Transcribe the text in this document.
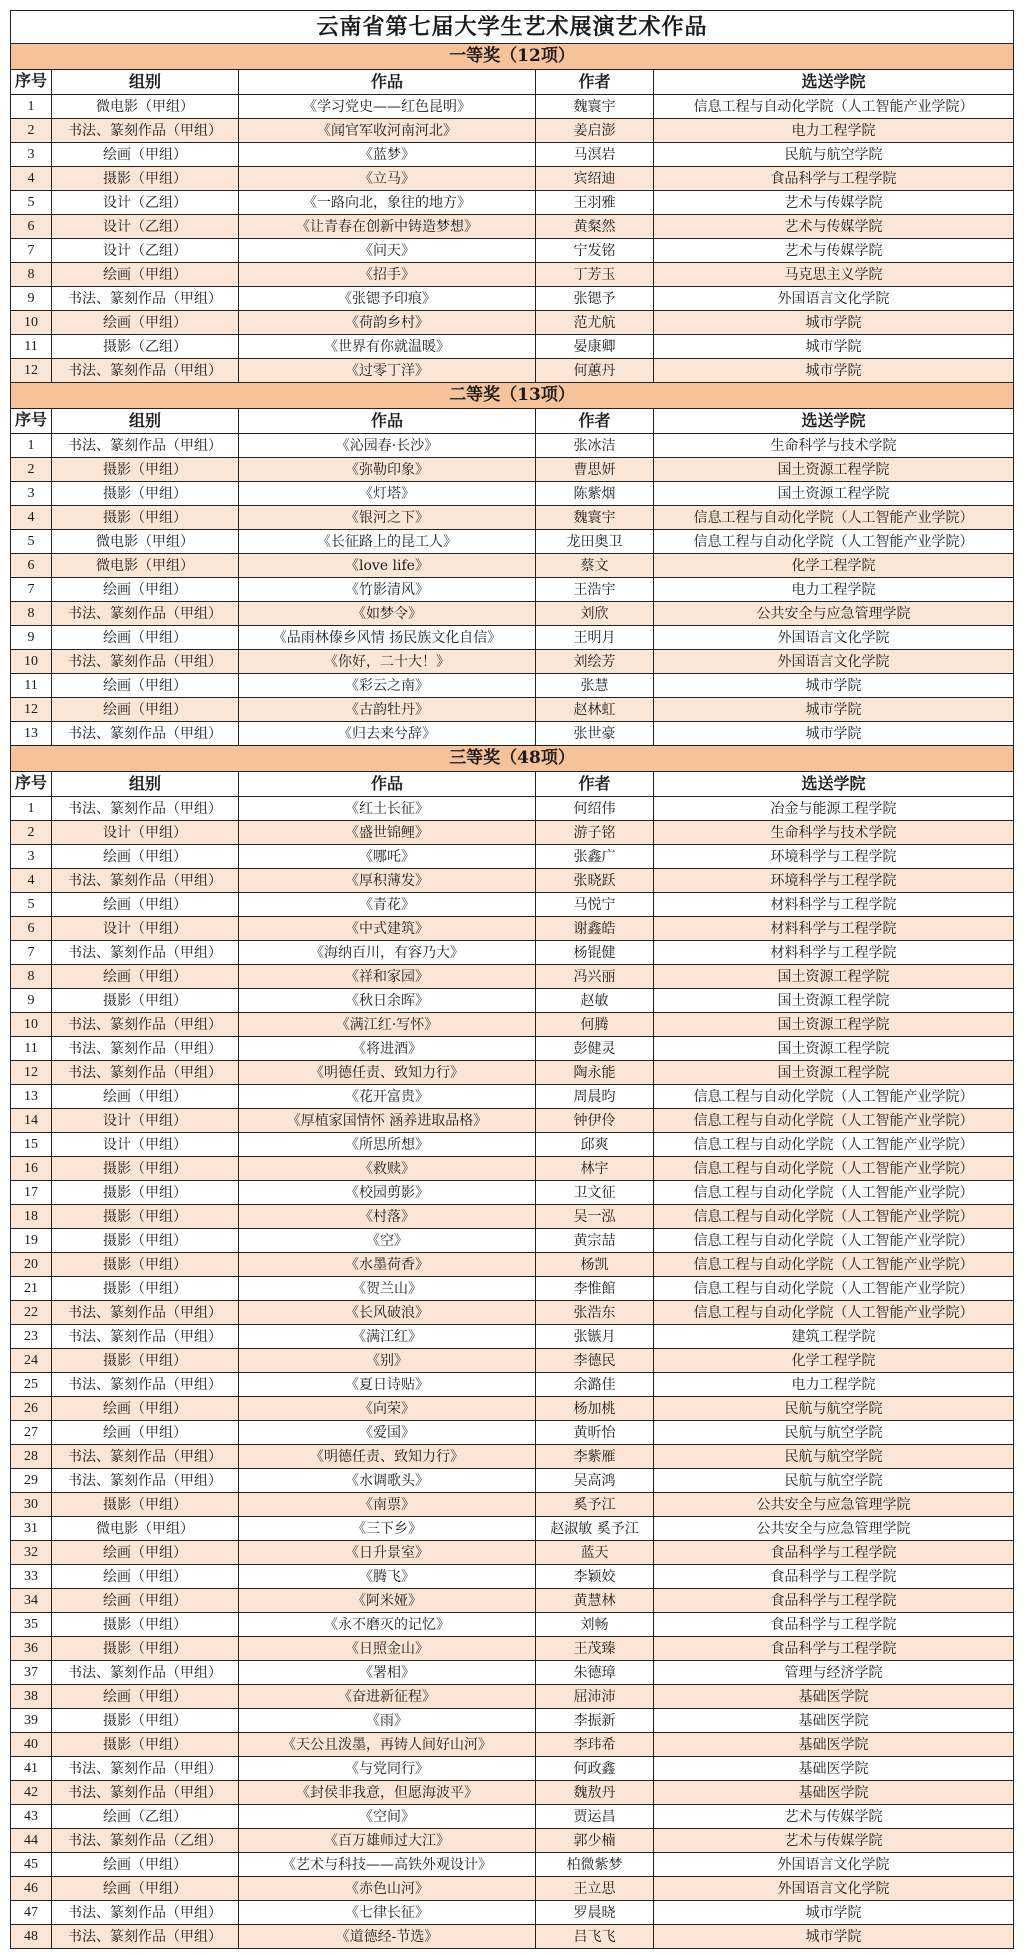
云南省第七届大学生艺术展演艺术作品				
一等奖（12项）				
序号	组别	作品	作者	选送学院
1	微电影（甲组）	《学习党史——红色昆明》	魏寰宇	信息工程与自动化学院（人工智能产业学院）
2	书法、篆刻作品（甲组）	《闻官军收河南河北》	姜启澎	电力工程学院
3	绘画（甲组）	《蓝梦》	马溟岩	民航与航空学院
4	摄影（甲组）	《立马》	宾绍迪	食品科学与工程学院
5	设计（乙组）	《一路向北，象往的地方》	王羽雅	艺术与传媒学院
6	设计（乙组）	《让青春在创新中铸造梦想》	黄粲然	艺术与传媒学院
7	设计（乙组）	《问天》	宁发铭	艺术与传媒学院
8	绘画（甲组）	《招手》	丁芳玉	马克思主义学院
9	书法、篆刻作品（甲组）	《张锶予印痕》	张锶予	外国语言文化学院
10	绘画（甲组）	《荷韵乡村》	范尤航	城市学院
11	摄影（乙组）	《世界有你就温暖》	晏康卿	城市学院
12	书法、篆刻作品（甲组）	《过零丁洋》	何蕙丹	城市学院
二等奖（13项）				
序号	组别	作品	作者	选送学院
1	书法、篆刻作品（甲组）	《沁园春·长沙》	张冰洁	生命科学与技术学院
2	摄影（甲组）	《弥勒印象》	曹思妍	国土资源工程学院
3	摄影（甲组）	《灯塔》	陈紫烟	国土资源工程学院
4	摄影（甲组）	《银河之下》	魏寰宇	信息工程与自动化学院（人工智能产业学院）
5	微电影（甲组）	《长征路上的昆工人》	龙田奥卫	信息工程与自动化学院（人工智能产业学院）
6	微电影（甲组）	《love life》	蔡文	化学工程学院
7	绘画（甲组）	《竹影清风》	王浩宇	电力工程学院
8	书法、篆刻作品（甲组）	《如梦令》	刘欣	公共安全与应急管理学院
9	绘画（甲组）	《品雨林傣乡风情 扬民族文化自信》	王明月	外国语言文化学院
10	书法、篆刻作品（甲组）	《你好，二十大！》	刘绘芳	外国语言文化学院
11	绘画（甲组）	《彩云之南》	张慧	城市学院
12	绘画（甲组）	《古韵牡丹》	赵林虹	城市学院
13	书法、篆刻作品（甲组）	《归去来兮辞》	张世豪	城市学院
三等奖（48项）				
序号	组别	作品	作者	选送学院
1	书法、篆刻作品（甲组）	《红土长征》	何绍伟	冶金与能源工程学院
2	设计（甲组）	《盛世锦鲤》	游子铭	生命科学与技术学院
3	绘画（甲组）	《哪吒》	张鑫广	环境科学与工程学院
4	书法、篆刻作品（甲组）	《厚积薄发》	张晓跃	环境科学与工程学院
5	绘画（甲组）	《青花》	马悦宁	材料科学与工程学院
6	设计（甲组）	《中式建筑》	谢鑫皓	材料科学与工程学院
7	书法、篆刻作品（甲组）	《海纳百川，有容乃大》	杨锟健	材料科学与工程学院
8	绘画（甲组）	《祥和家园》	冯兴丽	国土资源工程学院
9	摄影（甲组）	《秋日余晖》	赵敏	国土资源工程学院
10	书法、篆刻作品（甲组）	《满江红·写怀》	何腾	国土资源工程学院
11	书法、篆刻作品（甲组）	《将进酒》	彭健灵	国土资源工程学院
12	书法、篆刻作品（甲组）	《明德任责、致知力行》	陶永能	国土资源工程学院
13	绘画（甲组）	《花开富贵》	周晨昀	信息工程与自动化学院（人工智能产业学院）
14	设计（甲组）	《厚植家国情怀 涵养进取品格》	钟伊伶	信息工程与自动化学院（人工智能产业学院）
15	设计（甲组）	《所思所想》	邱爽	信息工程与自动化学院（人工智能产业学院）
16	摄影（甲组）	《救赎》	林宇	信息工程与自动化学院（人工智能产业学院）
17	摄影（甲组）	《校园剪影》	卫文征	信息工程与自动化学院（人工智能产业学院）
18	摄影（甲组）	《村落》	吴一泓	信息工程与自动化学院（人工智能产业学院）
19	摄影（甲组）	《空》	黄宗喆	信息工程与自动化学院（人工智能产业学院）
20	摄影（甲组）	《水墨荷香》	杨凯	信息工程与自动化学院（人工智能产业学院）
21	摄影（甲组）	《贺兰山》	李惟館	信息工程与自动化学院（人工智能产业学院）
22	书法、篆刻作品（甲组）	《长风破浪》	张浩东	信息工程与自动化学院（人工智能产业学院）
23	书法、篆刻作品（甲组）	《满江红》	张镞月	建筑工程学院
24	摄影（甲组）	《别》	李德民	化学工程学院
25	书法、篆刻作品（甲组）	《夏日诗贴》	余潞佳	电力工程学院
26	绘画（甲组）	《向荣》	杨加桃	民航与航空学院
27	绘画（甲组）	《爱国》	黄昕怡	民航与航空学院
28	书法、篆刻作品（甲组）	《明德任责、致知力行》	李紫雁	民航与航空学院
29	书法、篆刻作品（甲组）	《水调歌头》	吴高鸿	民航与航空学院
30	摄影（甲组）	《南票》	奚予江	公共安全与应急管理学院
31	微电影（甲组）	《三下乡》	赵淑敏 奚予江	公共安全与应急管理学院
32	绘画（甲组）	《日升景室》	蓝天	食品科学与工程学院
33	绘画（甲组）	《腾飞》	李颖姣	食品科学与工程学院
34	绘画（甲组）	《阿米娅》	黄慧林	食品科学与工程学院
35	摄影（甲组）	《永不磨灭的记忆》	刘畅	食品科学与工程学院
36	摄影（甲组）	《日照金山》	王茂臻	食品科学与工程学院
37	书法、篆刻作品（甲组）	《署相》	朱德璋	管理与经济学院
38	绘画（甲组）	《奋进新征程》	屈沛沛	基础医学院
39	摄影（甲组）	《雨》	李振新	基础医学院
40	摄影（甲组）	《天公且泼墨，再铸人间好山河》	李玮希	基础医学院
41	书法、篆刻作品（甲组）	《与党同行》	何政鑫	基础医学院
42	书法、篆刻作品（甲组）	《封侯非我意，但愿海波平》	魏敖丹	基础医学院
43	绘画（乙组）	《空间》	贾运昌	艺术与传媒学院
44	书法、篆刻作品（乙组）	《百万雄师过大江》	郭少楠	艺术与传媒学院
45	绘画（甲组）	《艺术与科技——高铁外观设计》	柏微紫梦	外国语言文化学院
46	绘画（甲组）	《赤色山河》	王立思	外国语言文化学院
47	书法、篆刻作品（甲组）	《七律长征》	罗晨晓	城市学院
48	书法、篆刻作品（甲组）	《道德经-节选》	吕飞飞	城市学院
